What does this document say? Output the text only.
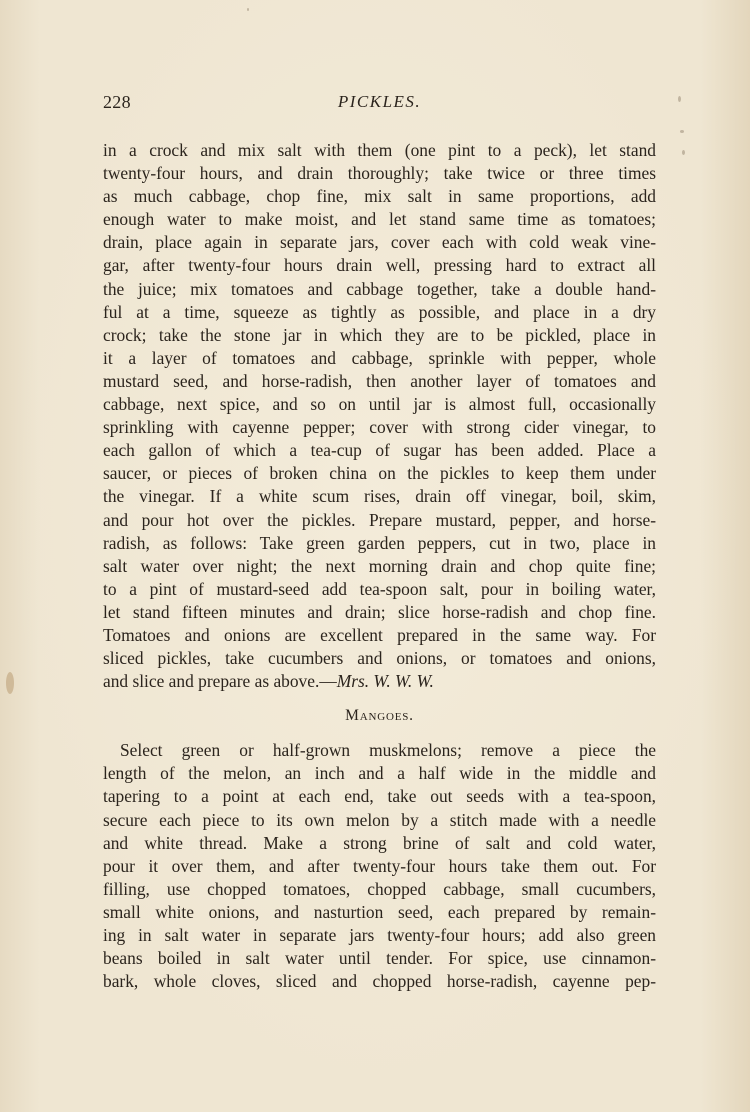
228	PICKLES.
in a crock and mix salt with them (one pint to a peck), let stand
twenty-four hours, and drain thoroughly; take twice or three times
as much cabbage, chop fine, mix salt in same proportions, add
enough water to make moist, and let stand same time as tomatoes;
drain, place again in separate jars, cover each with cold weak vine-
gar, after twenty-four hours drain well, pressing hard to extract all
the juice; mix tomatoes and cabbage together, take a double hand-
ful at a time, squeeze as tightly as possible, and place in a dry
crock; take the stone jar in which they are to be pickled, place in
it a layer of tomatoes and cabbage, sprinkle with pepper, whole
mustard seed, and horse-radish, then another layer of tomatoes and
cabbage, next spice, and so on until jar is almost full, occasionally
sprinkling with cayenne pepper; cover with strong cider vinegar, to
each gallon of which a tea-cup of sugar has been added. Place a
saucer, or pieces of broken china on the pickles to keep them under
the vinegar. If a white scum rises, drain off vinegar, boil, skim,
and pour hot over the pickles. Prepare mustard, pepper, and horse-
radish, as follows: Take green garden peppers, cut in two, place in
salt water over night; the next morning drain and chop quite fine;
to a pint of mustard-seed add tea-spoon salt, pour in boiling water,
let stand fifteen minutes and drain; slice horse-radish and chop fine.
Tomatoes and onions are excellent prepared in the same way. For
sliced pickles, take cucumbers and onions, or tomatoes and onions,
and slice and prepare as above.—Mrs. W. W. W.
Mangoes.
Select green or half-grown muskmelons; remove a piece the
length of the melon, an inch and a half wide in the middle and
tapering to a point at each end, take out seeds with a tea-spoon,
secure each piece to its own melon by a stitch made with a needle
and white thread. Make a strong brine of salt and cold water,
pour it over them, and after twenty-four hours take them out. For
filling, use chopped tomatoes, chopped cabbage, small cucumbers,
small white onions, and nasturtion seed, each prepared by remain-
ing in salt water in separate jars twenty-four hours; add also green
beans boiled in salt water until tender. For spice, use cinnamon-
bark, whole cloves, sliced and chopped horse-radish, cayenne pep-
